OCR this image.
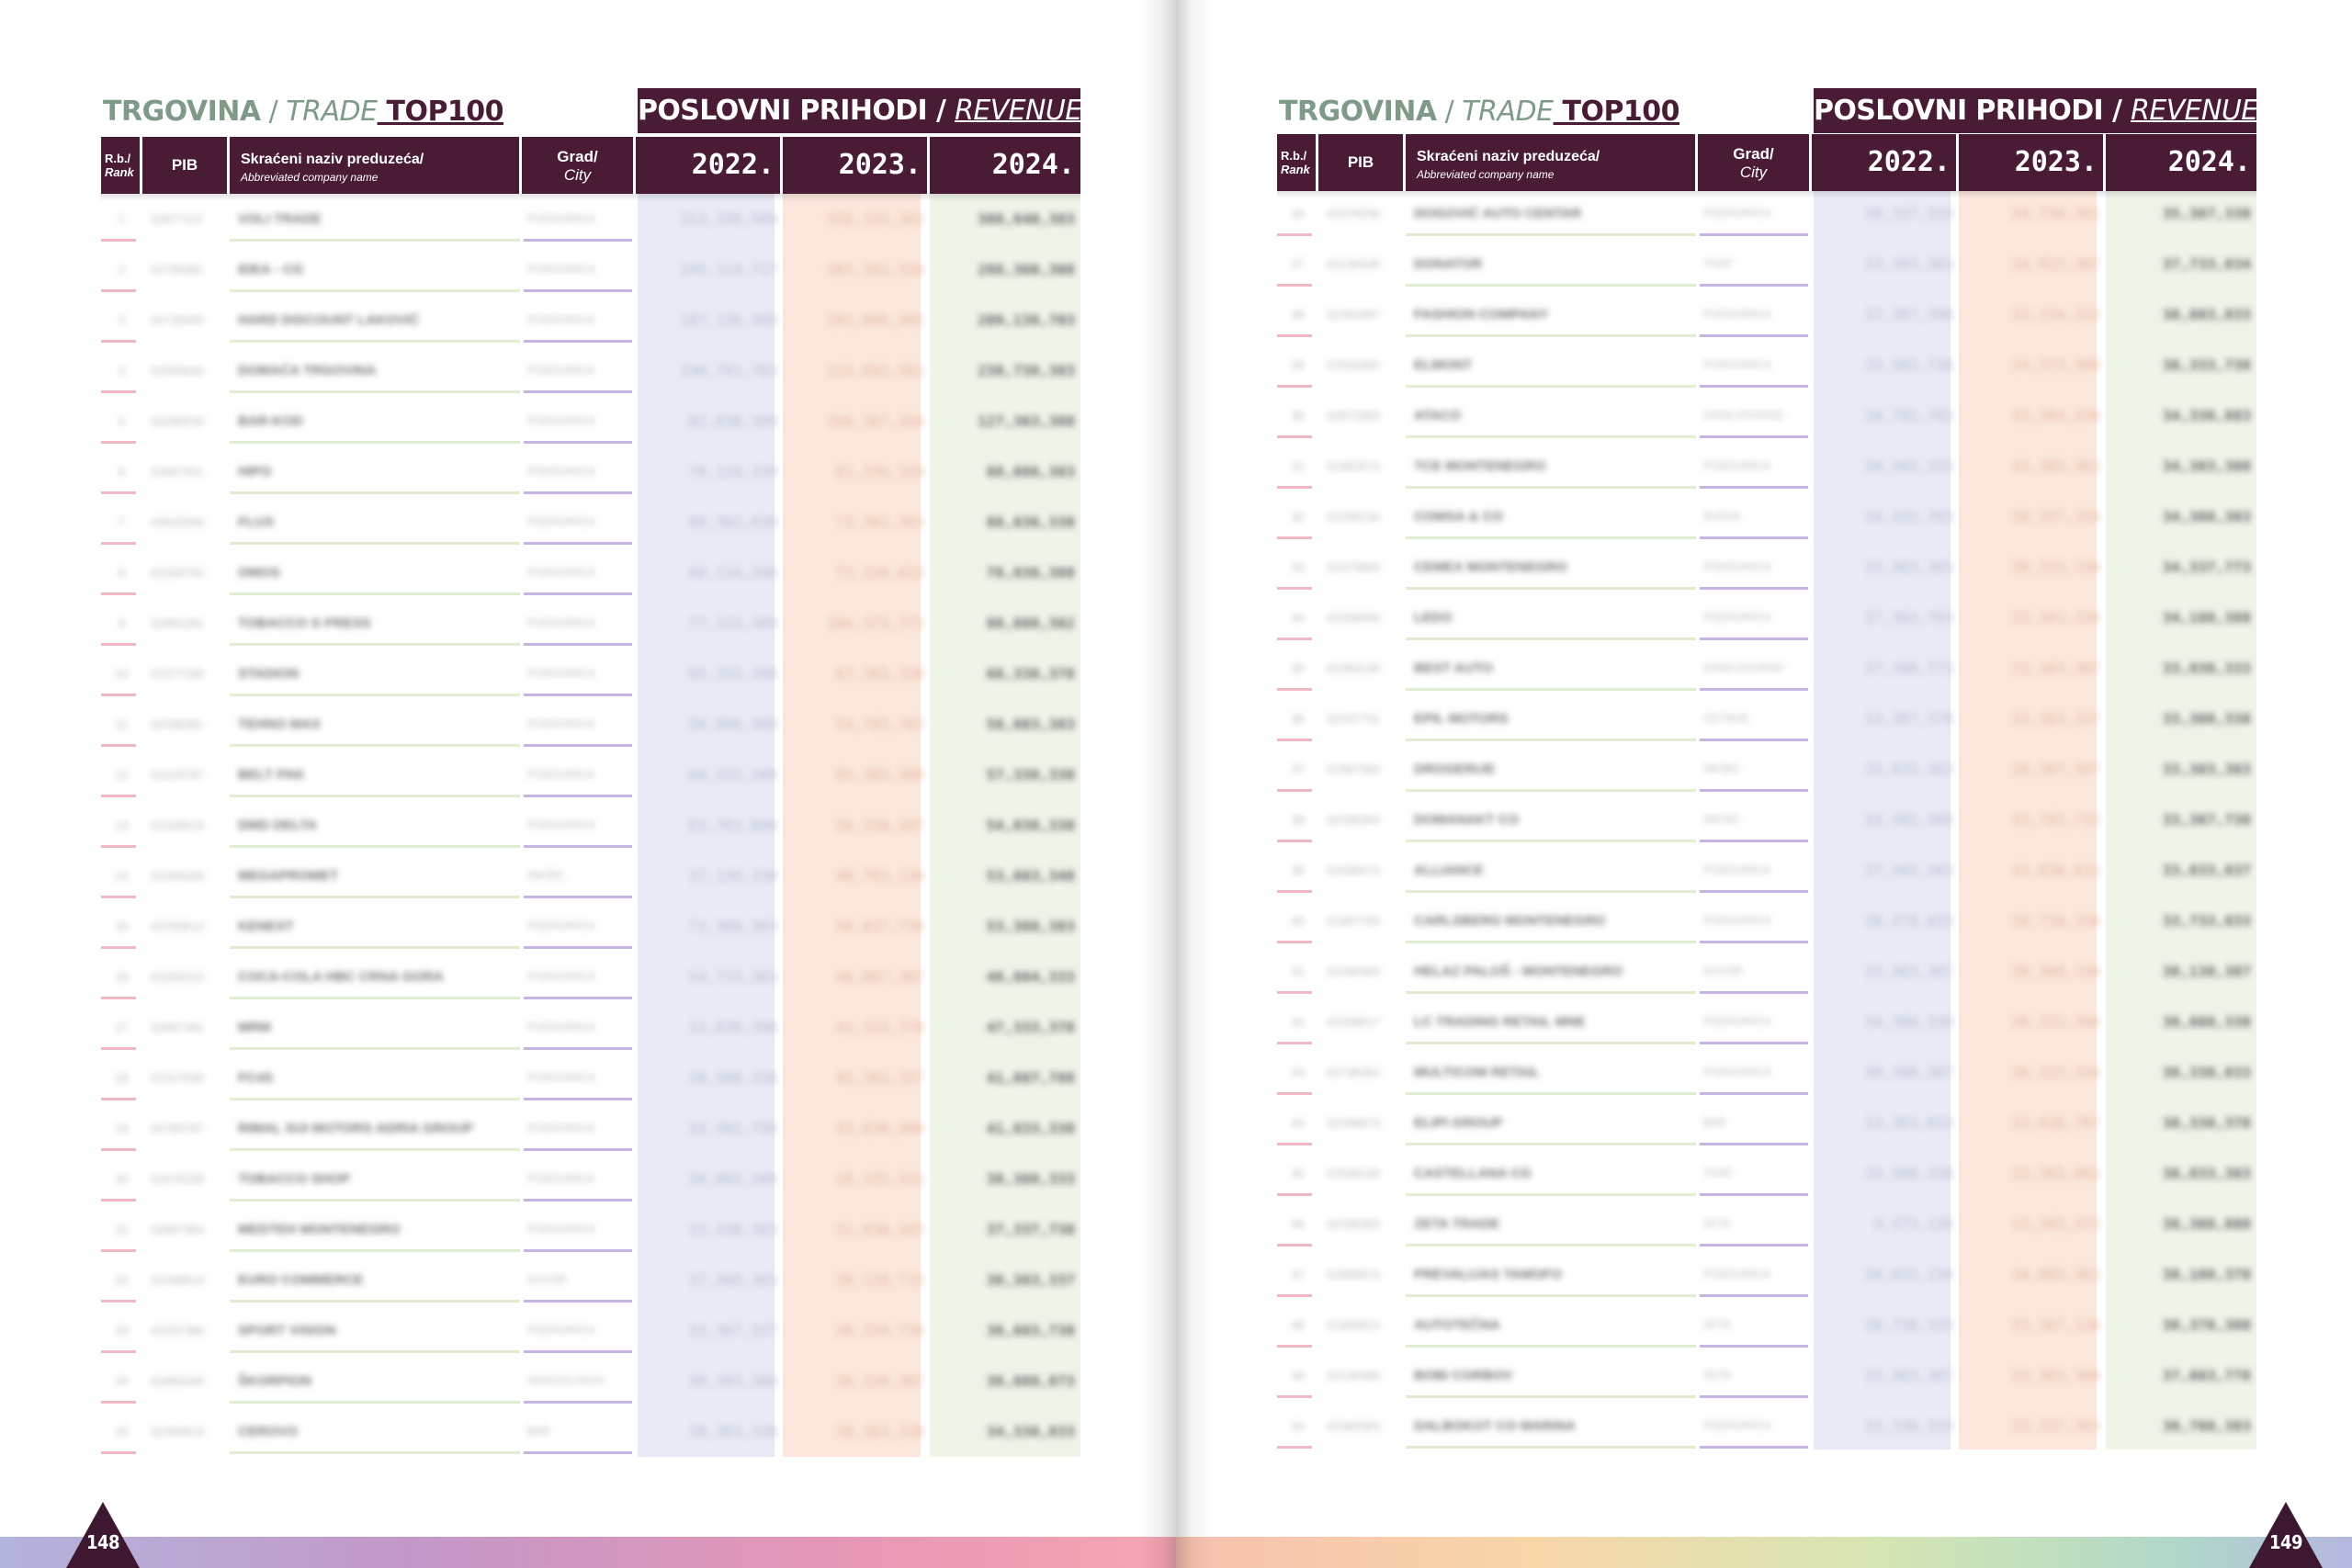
TRGOVINA / TRADE TOP100	POSLOVNI PRIHODI / REVENUES
R.b./
Rank	PIB	Skraćeni naziv preduzeća/
Abbreviated company name
Grad/
City	2022.	2023.	2024.
1	02877112	VOLI TRADE	PODGORICA	313,356,509	356,335,303	388,840,383
2	02700981	IDEA - CG	PODGORICA	245,114,717	265,301,356	288,360,308
3	02735095	HARD DISCOUNT LAKOVIĆ	PODGORICA	187,136,389	201,866,385	209,138,703
4	02005630	DOMAĆA TRGOVINA	PODGORICA	198,791,783	215,603,583	238,738,383
5	02288530	BAR-KOD	PODGORICA	82,838,399	106,387,348	127,363,388
6	02897301	HIPO	PODGORICA	78,134,339	81,336,329	88,886,383
7	03003306	FLUX	PODGORICA	68,381,838	73,381,383	88,836,338
8	02328750	OMOS	PODGORICA	68,134,398	73,338,833	78,838,388
9	02882281	TOBACCO S PRESS	PODGORICA	77,333,389	104,373,373	88,888,382
10	02377338	STADION	PODGORICA	65,333,398	67,383,338	68,338,378
11	02098381	TEHNO MAX	PODGORICA	58,886,389	54,783,783	58,883,383
12	02323787	BELT PAK	PODGORICA	68,333,388	65,383,388	57,338,338
13	02328518	DMD DELTA	PODGORICA	63,783,898	56,338,387	54,838,338
14	02283328	MEGAPROMET	NIKŠIĆ	37,138,338	48,783,138	53,883,348
15	02783813	KENEXT	PODGORICA	73,368,383	56,837,738	53,388,383
16	02283313	COCA-COLA HBC CRNA GORA	PODGORICA	54,733,383	48,887,387	48,884,333
17	02897381	MRM	PODGORICA	33,838,398	41,333,378	47,333,378
18	02327838	FC4S	PODGORICA	38,388,338	45,381,337	41,887,788
19	02783787	RIMAL SUI MOTORS ADRIA GROUP	PODGORICA	33,381,798	33,838,388	41,833,338
20	02378338	TOBACCO SHOP	PODGORICA	38,883,388	38,335,333	38,388,333
21	02887384	MEDTEH MONTENEGRO	PODGORICA	33,338,383	31,838,383	37,337,738
22	02338813	EURO COMMERCE	KOTOR	37,388,383	38,138,733	38,383,337
23	02337388	SPORT VISION	PODGORICA	33,387,337	38,334,738	38,883,738
24	02883348	ŠKORPION	HERCEG NOVI	38,383,388	38,338,387	38,888,873
25	02383813	CEROVO	BAR	38,383,338	38,383,338	34,338,833
148
TRGOVINA / TRADE TOP100	POSLOVNI PRIHODI / REVENUES
R.b./
Rank	PIB	Skraćeni naziv preduzeća/
Abbreviated company name
Grad/
City	2022.	2023.	2024.
26	02378338	DOGOVIĆ AUTO CENTAR	PODGORICA	38,337,333	34,738,381	35,387,338
27	02138338	DONATOR	TIVAT	33,383,383	34,833,387	37,733,834
28	02383387	FASHION COMPANY	PODGORICA	37,387,398	33,134,333	38,883,833
29	02333385	ELMONT	PODGORICA	33,383,738	34,373,388	38,333,738
30	02873383	ATACO	DANILOVGRAD	34,783,783	33,384,338	34,338,883
31	02383373	TCE MONTENEGRO	PODGORICA	38,383,333	33,383,383	34,383,388
32	02338134	COMSA & CO	BUDVA	34,333,783	38,337,334	34,388,383
33	02373883	CEMEX MONTENEGRO	PODGORICA	33,383,383	38,333,338	34,337,773
34	02328838	LEDO	PODGORICA	37,383,783	33,343,338	34,188,388
35	02383138	BEST AUTO	DANILOVGRAD	37,388,773	33,383,387	33,838,333
36	02337731	EPIL MOTORS	CETINJE	33,387,378	33,383,337	33,388,338
37	02387383	DROGERIJE	NIKŠIĆ	33,833,383	38,387,387	33,383,383
38	02338384	DOMANAKT CO	NIKŠIĆ	33,383,388	33,783,733	33,387,738
39	02338373	ALLIANCE	PODGORICA	37,383,383	33,838,833	33,833,837
40	02387783	CARLSBERG MONTENEGRO	PODGORICA	38,378,833	38,738,338	33,733,833
41	02338383	HELAZ PALOŠ - MONTENEGRO	KOTOR	33,383,387	38,388,338	38,138,387
42	02338817	LC TRADING RETAIL MNE	PODGORICA	34,388,338	38,333,388	38,888,338
43	02738383	MULTICOM RETAIL	PODGORICA	38,388,387	38,333,338	38,338,833
44	02338873	ELIPI GROUP	BAR	33,383,833	33,838,787	38,338,378
45	02338138	CASTELLANA CG	TIVAT	33,388,338	33,383,883	38,833,383
46	02338383	ZETA TRADE	ZETA	9,373,138	13,383,373	38,388,888
47	02889873	PREVALIJAS TAMOFO	PODGORICA	38,833,138	34,883,383	38,188,378
48	02383813	AUTOTEČNA	ZETA	38,738,333	33,387,138	38,378,388
49	02138388	BOBI CORBOV	ZETA	33,383,387	33,383,388	37,883,778
50	02383383	DALBOKOT CO MARINA	PODGORICA	33,338,333	33,337,383	38,788,383
149
